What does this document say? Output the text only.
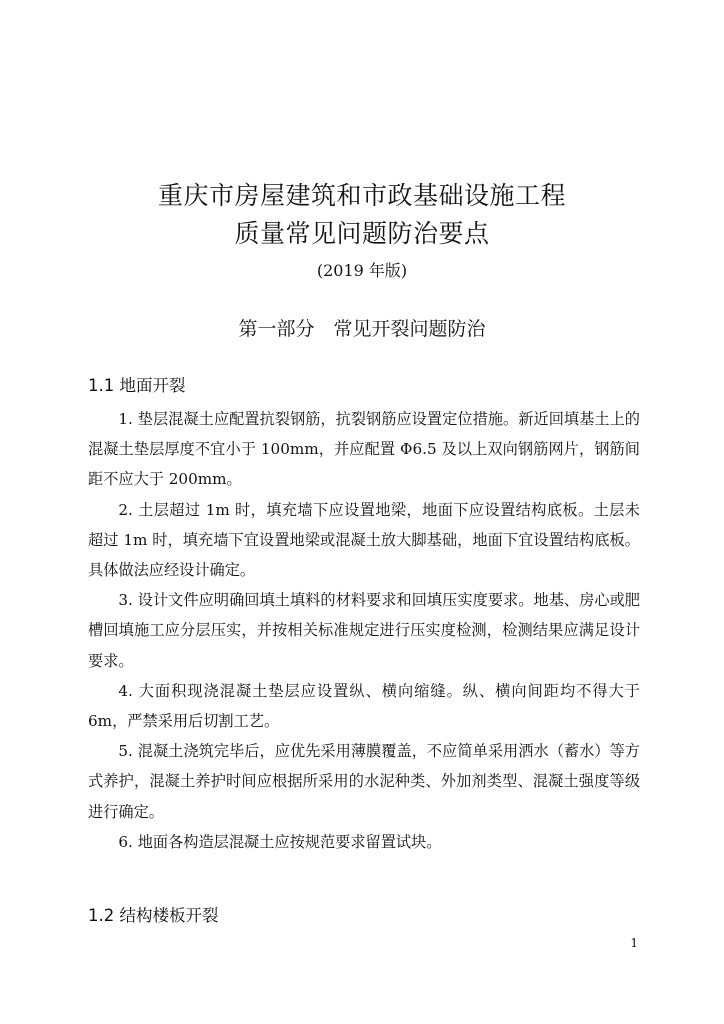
重庆市房屋建筑和市政基础设施工程
质量常见问题防治要点
(2019 年版)
第一部分　常见开裂问题防治
1.1 地面开裂

1. 垫层混凝土应配置抗裂钢筋，抗裂钢筋应设置定位措施。新近回填基土上的混凝土垫层厚度不宜小于 100mm，并应配置 Φ6.5 及以上双向钢筋网片，钢筋间距不应大于 200mm。

2. 土层超过 1m 时，填充墙下应设置地梁，地面下应设置结构底板。土层未超过 1m 时，填充墙下宜设置地梁或混凝土放大脚基础，地面下宜设置结构底板。具体做法应经设计确定。

3. 设计文件应明确回填土填料的材料要求和回填压实度要求。地基、房心或肥槽回填施工应分层压实，并按相关标准规定进行压实度检测，检测结果应满足设计要求。

4. 大面积现浇混凝土垫层应设置纵、横向缩缝。纵、横向间距均不得大于 6m，严禁采用后切割工艺。

5. 混凝土浇筑完毕后，应优先采用薄膜覆盖，不应简单采用洒水（蓄水）等方式养护，混凝土养护时间应根据所采用的水泥种类、外加剂类型、混凝土强度等级进行确定。

6. 地面各构造层混凝土应按规范要求留置试块。

1.2 结构楼板开裂
1
